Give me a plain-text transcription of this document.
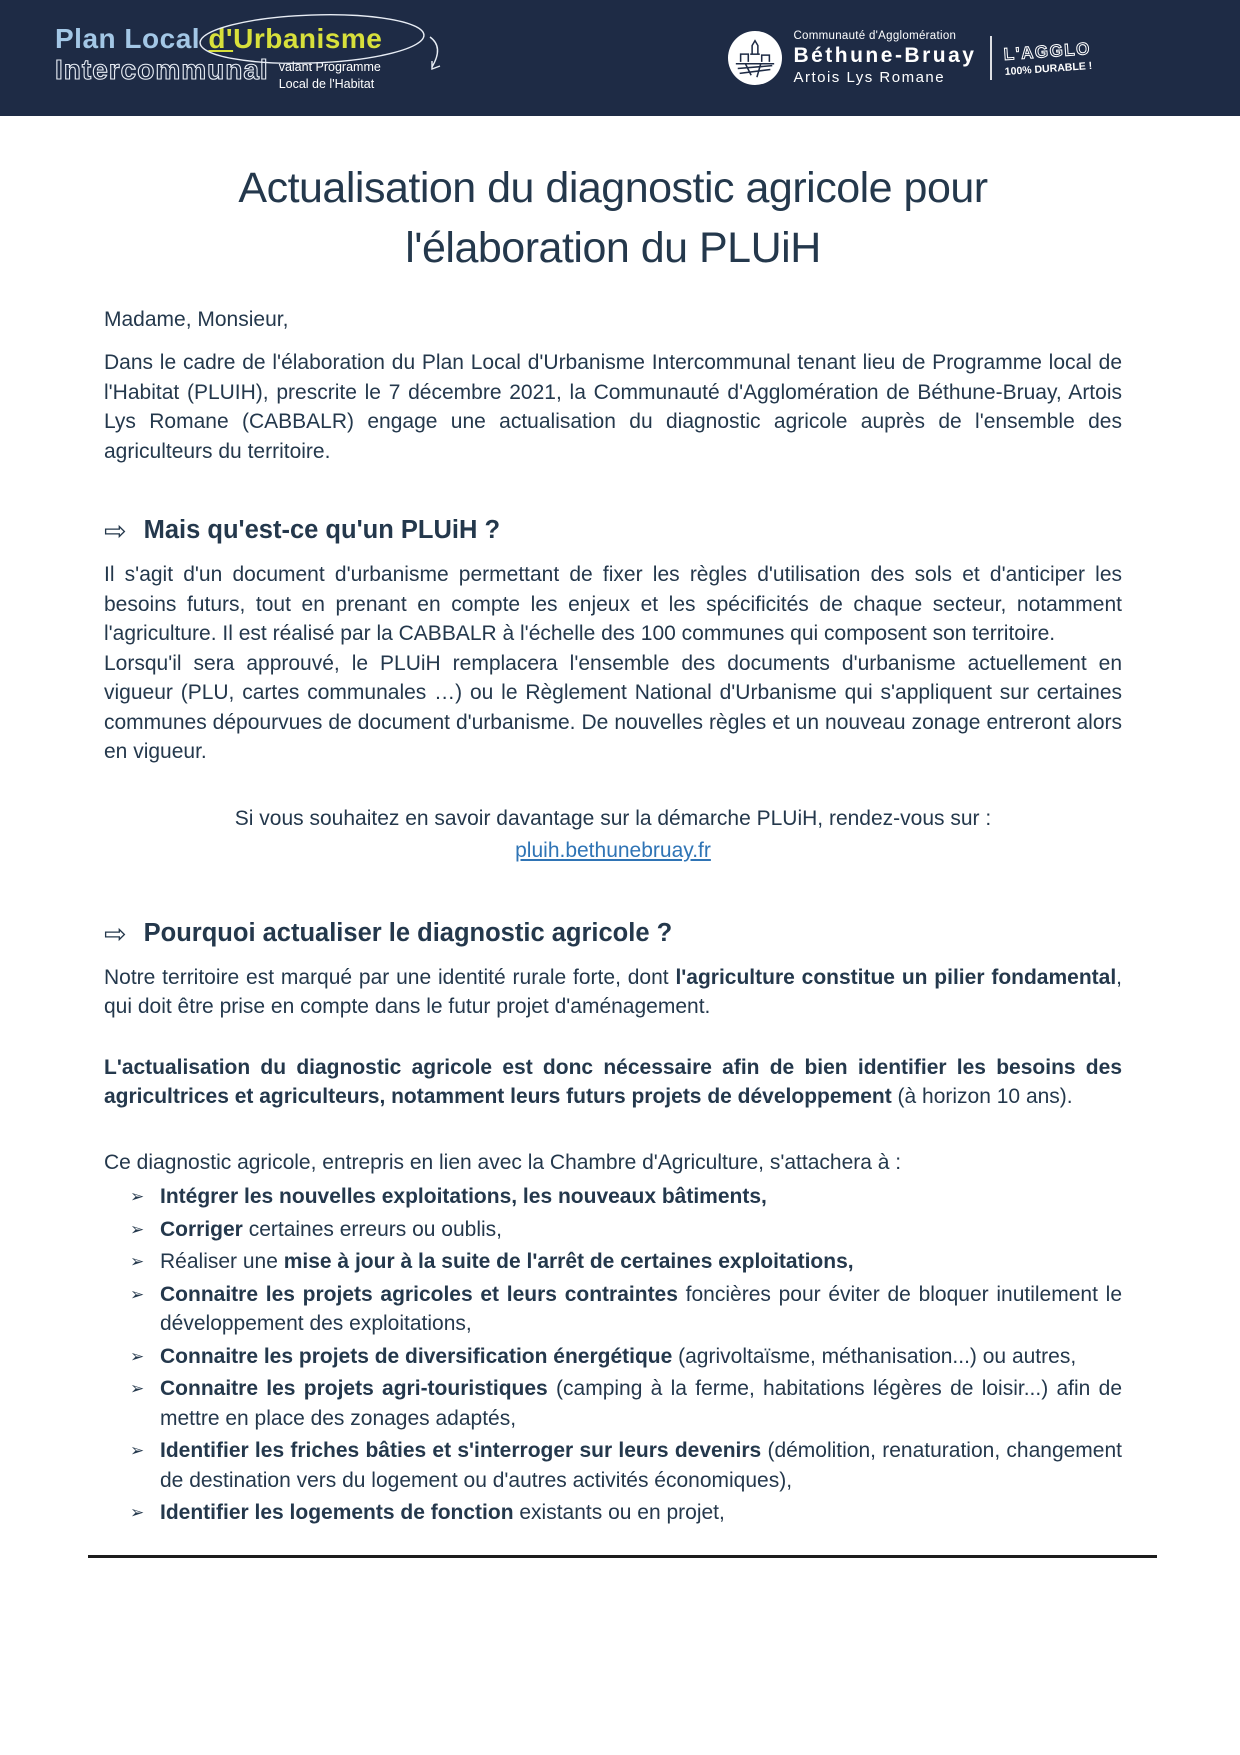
Plan Local d'Urbanisme
Intercommunal valant Programme
Local de l'Habitat
Communauté d'Agglomération
Béthune-Bruay
Artois Lys Romane
L'AGGLO
100% DURABLE !
Actualisation du diagnostic agricole pour
l'élaboration du PLUiH

Madame, Monsieur,

Dans le cadre de l'élaboration du Plan Local d'Urbanisme Intercommunal tenant lieu de Programme local de l'Habitat (PLUIH), prescrite le 7 décembre 2021, la Communauté d'Agglomération de Béthune-Bruay, Artois Lys Romane (CABBALR) engage une actualisation du diagnostic agricole auprès de l'ensemble des agriculteurs du territoire.

⇨ Mais qu'est-ce qu'un PLUiH ?

Il s'agit d'un document d'urbanisme permettant de fixer les règles d'utilisation des sols et d'anticiper les besoins futurs, tout en prenant en compte les enjeux et les spécificités de chaque secteur, notamment l'agriculture. Il est réalisé par la CABBALR à l'échelle des 100 communes qui composent son territoire.

Lorsqu'il sera approuvé, le PLUiH remplacera l'ensemble des documents d'urbanisme actuellement en vigueur (PLU, cartes communales …) ou le Règlement National d'Urbanisme qui s'appliquent sur certaines communes dépourvues de document d'urbanisme. De nouvelles règles et un nouveau zonage entreront alors en vigueur.

Si vous souhaitez en savoir davantage sur la démarche PLUiH, rendez-vous sur :

pluih.bethunebruay.fr

⇨ Pourquoi actualiser le diagnostic agricole ?

Notre territoire est marqué par une identité rurale forte, dont l'agriculture constitue un pilier fondamental, qui doit être prise en compte dans le futur projet d'aménagement.

L'actualisation du diagnostic agricole est donc nécessaire afin de bien identifier les besoins des agricultrices et agriculteurs, notamment leurs futurs projets de développement (à horizon 10 ans).

Ce diagnostic agricole, entrepris en lien avec la Chambre d'Agriculture, s'attachera à :

➢ Intégrer les nouvelles exploitations, les nouveaux bâtiments,
➢ Corriger certaines erreurs ou oublis,
➢ Réaliser une mise à jour à la suite de l'arrêt de certaines exploitations,
➢ Connaitre les projets agricoles et leurs contraintes foncières pour éviter de bloquer inutilement le développement des exploitations,
➢ Connaitre les projets de diversification énergétique (agrivoltaïsme, méthanisation...) ou autres,
➢ Connaitre les projets agri-touristiques (camping à la ferme, habitations légères de loisir...) afin de mettre en place des zonages adaptés,
➢ Identifier les friches bâties et s'interroger sur leurs devenirs (démolition, renaturation, changement de destination vers du logement ou d'autres activités économiques),
➢ Identifier les logements de fonction existants ou en projet,
